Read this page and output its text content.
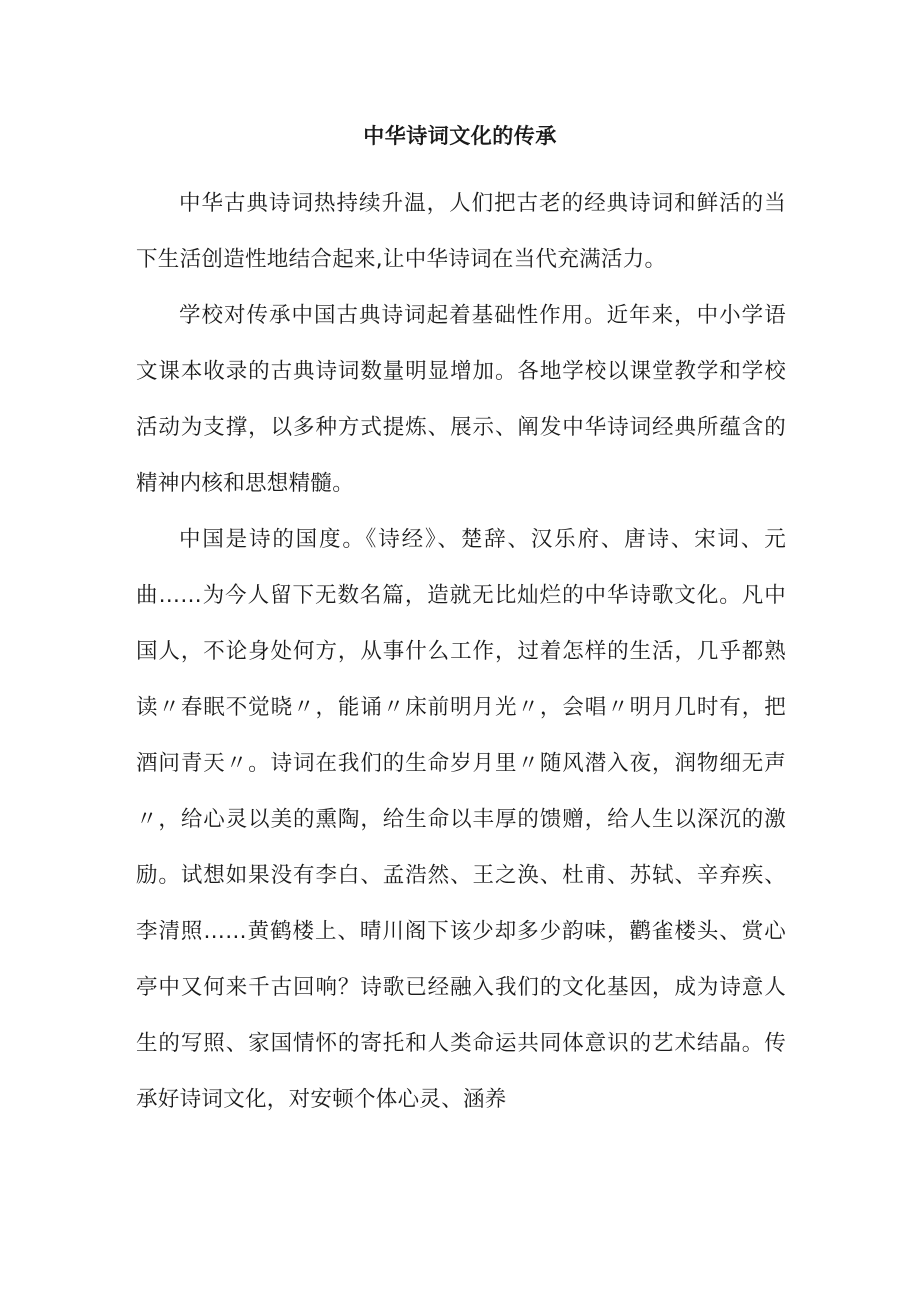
中华诗词文化的传承

中华古典诗词热持续升温，人们把古老的经典诗词和鲜活的当下生活创造性地结合起来,让中华诗词在当代充满活力。

学校对传承中国古典诗词起着基础性作用。近年来，中小学语文课本收录的古典诗词数量明显增加。各地学校以课堂教学和学校活动为支撑，以多种方式提炼、展示、阐发中华诗词经典所蕴含的精神内核和思想精髓。

中国是诗的国度。《诗经》、楚辞、汉乐府、唐诗、宋词、元曲……为今人留下无数名篇，造就无比灿烂的中华诗歌文化。凡中国人，不论身处何方，从事什么工作，过着怎样的生活，几乎都熟读〃春眠不觉晓〃，能诵〃床前明月光〃，会唱〃明月几时有，把酒问青天〃。诗词在我们的生命岁月里〃随风潜入夜，润物细无声〃，给心灵以美的熏陶，给生命以丰厚的馈赠，给人生以深沉的激励。试想如果没有李白、孟浩然、王之涣、杜甫、苏轼、辛弃疾、李清照……黄鹤楼上、晴川阁下该少却多少韵味，鹳雀楼头、赏心亭中又何来千古回响？诗歌已经融入我们的文化基因，成为诗意人生的写照、家国情怀的寄托和人类命运共同体意识的艺术结晶。传承好诗词文化，对安顿个体心灵、涵养
